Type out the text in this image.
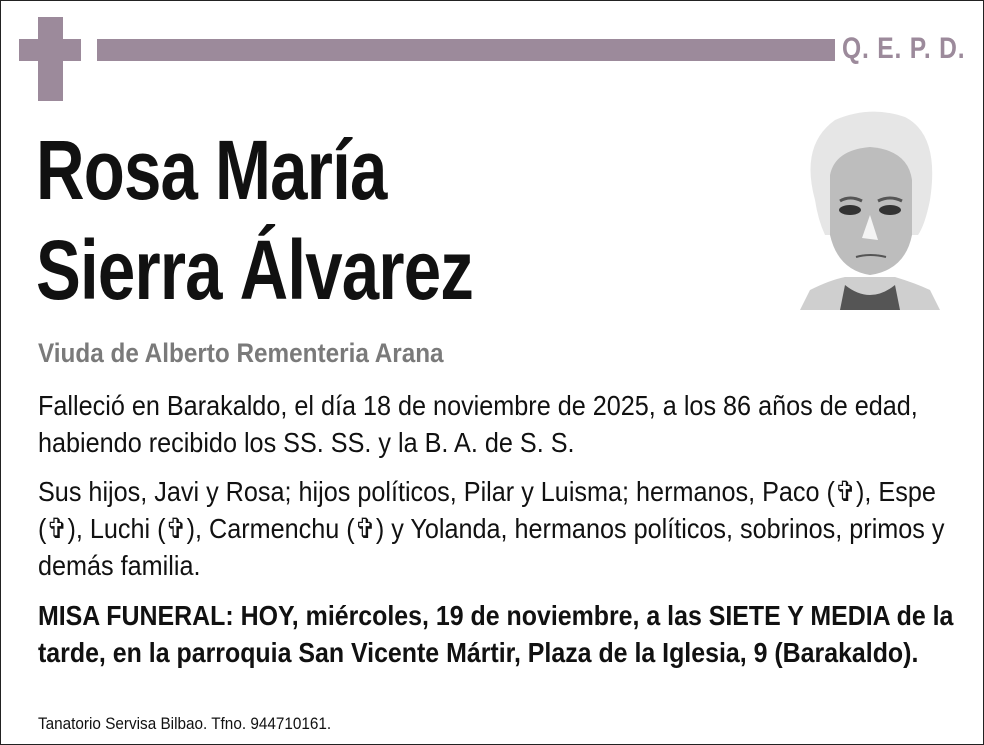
Q. E. P. D.
Rosa María
Sierra Álvarez
Viuda de Alberto Rementeria Arana
Falleció en Barakaldo, el día 18 de noviembre de 2025, a los 86 años de edad, habiendo recibido los SS. SS. y la B. A. de S. S.
Sus hijos, Javi y Rosa; hijos políticos, Pilar y Luisma; hermanos, Paco (✞), Espe (✞), Luchi (✞), Carmenchu (✞) y Yolanda, hermanos políticos, sobrinos, primos y demás familia.
MISA FUNERAL: HOY, miércoles, 19 de noviembre, a las SIETE Y MEDIA de la tarde, en la parroquia San Vicente Mártir, Plaza de la Iglesia, 9 (Barakaldo).
Tanatorio Servisa Bilbao. Tfno. 944710161.
